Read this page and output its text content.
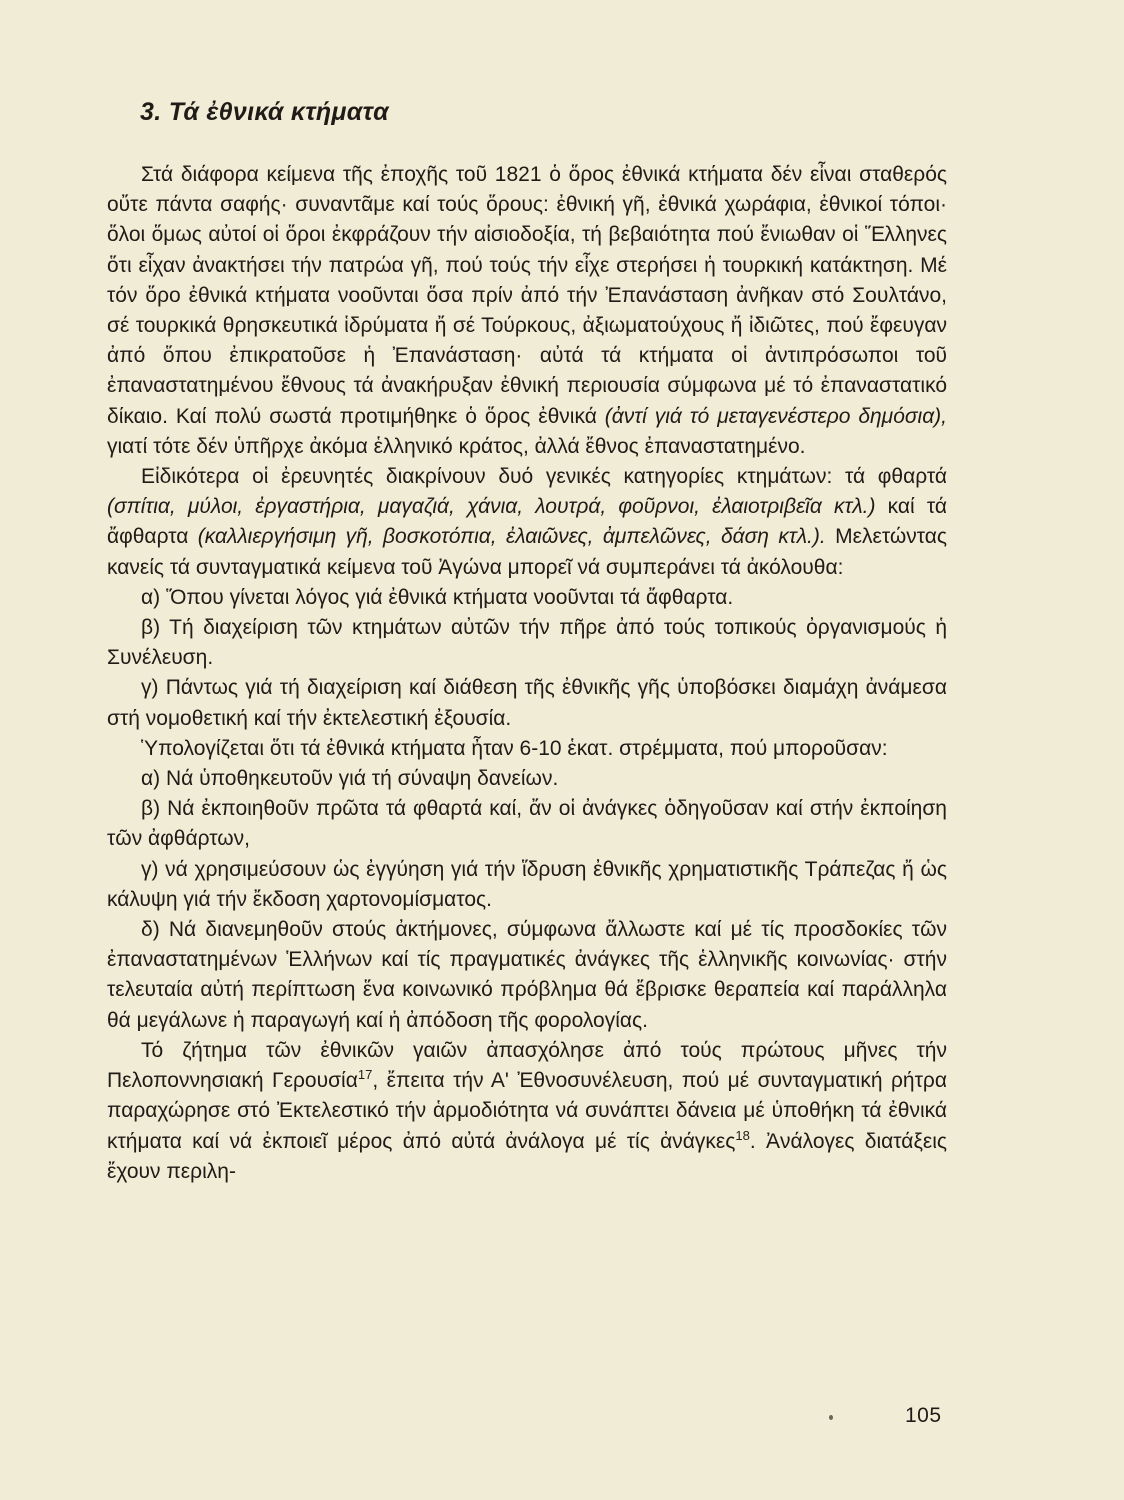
3. Τά ἐθνικά κτήματα

Στά διάφορα κείμενα τῆς ἐποχῆς τοῦ 1821 ὁ ὅρος ἐθνικά κτήματα δέν εἶναι σταθερός οὔτε πάντα σαφής· συναντᾶμε καί τούς ὅρους: ἐθνική γῆ, ἐθνικά χωράφια, ἐθνικοί τόποι· ὅλοι ὅμως αὐτοί οἱ ὅροι ἐκφράζουν τήν αἰσιοδοξία, τή βεβαιότητα πού ἔνιωθαν οἱ Ἕλληνες ὅτι εἶχαν ἀνακτήσει τήν πατρώα γῆ, πού τούς τήν εἶχε στερήσει ἡ τουρκική κατάκτηση. Μέ τόν ὅρο ἐθνικά κτήματα νοοῦνται ὅσα πρίν ἀπό τήν Ἐπανάσταση ἀνῆκαν στό Σουλτάνο, σέ τουρκικά θρησκευτικά ἱδρύματα ἤ σέ Τούρκους, ἀξιωματούχους ἤ ἰδιῶτες, πού ἔφευγαν ἀπό ὅπου ἐπικρατοῦσε ἡ Ἐπανάσταση· αὐτά τά κτήματα οἱ ἀντιπρόσωποι τοῦ ἐπαναστατημένου ἔθνους τά ἀνακήρυξαν ἐθνική περιουσία σύμφωνα μέ τό ἐπαναστατικό δίκαιο. Καί πολύ σωστά προτιμήθηκε ὁ ὅρος ἐθνικά (ἀντί γιά τό μεταγενέστερο δημόσια), γιατί τότε δέν ὑπῆρχε ἀκόμα ἑλληνικό κράτος, ἀλλά ἔθνος ἐπαναστατημένο.

Εἰδικότερα οἱ ἐρευνητές διακρίνουν δυό γενικές κατηγορίες κτημάτων: τά φθαρτά (σπίτια, μύλοι, ἐργαστήρια, μαγαζιά, χάνια, λουτρά, φοῦρνοι, ἐλαιοτριβεῖα κτλ.) καί τά ἄφθαρτα (καλλιεργήσιμη γῆ, βοσκοτόπια, ἐλαιῶνες, ἀμπελῶνες, δάση κτλ.). Μελετώντας κανείς τά συνταγματικά κείμενα τοῦ Ἀγώνα μπορεῖ νά συμπεράνει τά ἀκόλουθα:

α) Ὅπου γίνεται λόγος γιά ἐθνικά κτήματα νοοῦνται τά ἄφθαρτα.

β) Τή διαχείριση τῶν κτημάτων αὐτῶν τήν πῆρε ἀπό τούς τοπικούς ὀργανισμούς ἡ Συνέλευση.

γ) Πάντως γιά τή διαχείριση καί διάθεση τῆς ἐθνικῆς γῆς ὑποβόσκει διαμάχη ἀνάμεσα στή νομοθετική καί τήν ἐκτελεστική ἐξουσία.

Ὑπολογίζεται ὅτι τά ἐθνικά κτήματα ἦταν 6-10 ἑκατ. στρέμματα, πού μποροῦσαν:

α) Νά ὑποθηκευτοῦν γιά τή σύναψη δανείων.

β) Νά ἐκποιηθοῦν πρῶτα τά φθαρτά καί, ἄν οἱ ἀνάγκες ὁδηγοῦσαν καί στήν ἐκποίηση τῶν ἀφθάρτων,

γ) νά χρησιμεύσουν ὡς ἐγγύηση γιά τήν ἵδρυση ἐθνικῆς χρηματιστικῆς Τράπεζας ἤ ὡς κάλυψη γιά τήν ἔκδοση χαρτονομίσματος.

δ) Νά διανεμηθοῦν στούς ἀκτήμονες, σύμφωνα ἄλλωστε καί μέ τίς προσδοκίες τῶν ἐπαναστατημένων Ἑλλήνων καί τίς πραγματικές ἀνάγκες τῆς ἑλληνικῆς κοινωνίας· στήν τελευταία αὐτή περίπτωση ἕνα κοινωνικό πρόβλημα θά ἔβρισκε θεραπεία καί παράλληλα θά μεγάλωνε ἡ παραγωγή καί ἡ ἀπόδοση τῆς φορολογίας.

Τό ζήτημα τῶν ἐθνικῶν γαιῶν ἀπασχόλησε ἀπό τούς πρώτους μῆνες τήν Πελοποννησιακή Γερουσία$^{17}$, ἔπειτα τήν Α' Ἐθνοσυνέλευση, πού μέ συνταγματική ρήτρα παραχώρησε στό Ἐκτελεστικό τήν ἁρμοδιότητα νά συνάπτει δάνεια μέ ὑποθήκη τά ἐθνικά κτήματα καί νά ἐκποιεῖ μέρος ἀπό αὐτά ἀνάλογα μέ τίς ἀνάγκες$^{18}$. Ἀνάλογες διατάξεις ἔχουν περιλη-

105
